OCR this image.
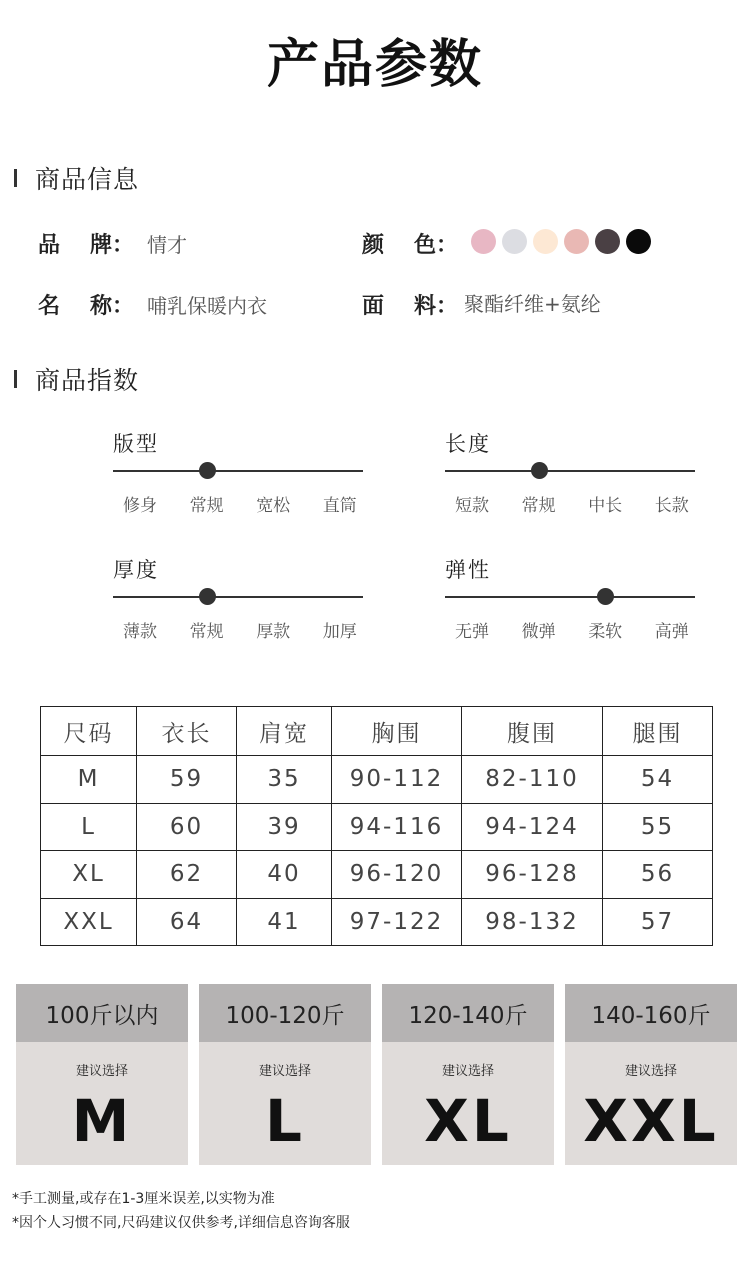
产品参数
商品信息
品 牌： 情才	颜 色：
名 称： 哺乳保暖内衣	面 料： 聚酯纤维+氨纶
商品指数
版型
修身	常规	宽松	直筒
长度
短款	常规	中长	长款
厚度
薄款	常规	厚款	加厚
弹性
无弹	微弹	柔软	高弹
尺码	衣长	肩宽	胸围	腹围	腿围
M	59	35	90-112	82-110	54
L	60	39	94-116	94-124	55
XL	62	40	96-120	96-128	56
XXL	64	41	97-122	98-132	57
100斤以内
建议选择
M
100-120斤
建议选择
L
120-140斤
建议选择
XL
140-160斤
建议选择
XXL
*手工测量,或存在1-3厘米误差,以实物为准
*因个人习惯不同,尺码建议仅供参考,详细信息咨询客服
